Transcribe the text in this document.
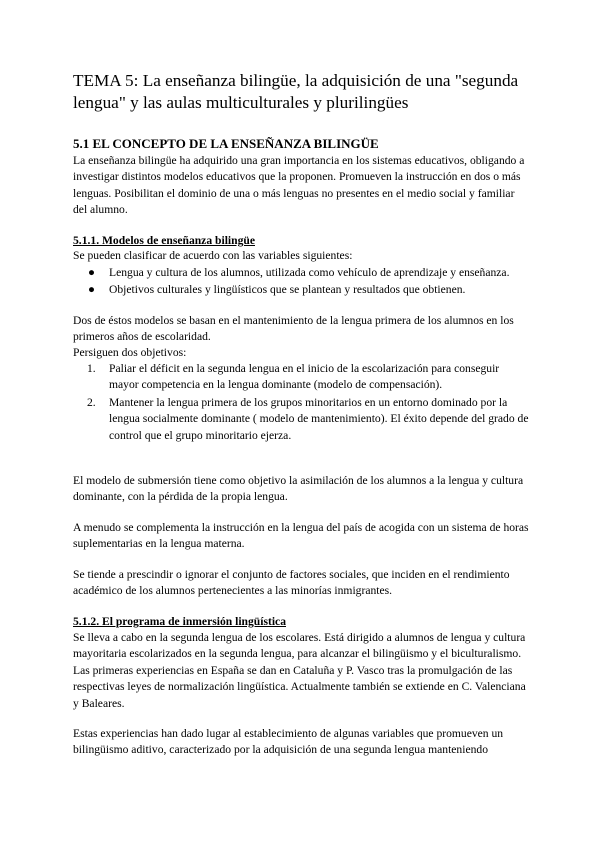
TEMA 5: La enseñanza bilingüe, la adquisición de una "segunda lengua" y las aulas multiculturales y plurilingües
5.1 EL CONCEPTO DE LA ENSEÑANZA BILINGÜE

La enseñanza bilingüe ha adquirido una gran importancia en los sistemas educativos, obligando a investigar distintos modelos educativos que la proponen. Promueven la instrucción en dos o más lenguas. Posibilitan el dominio de una o más lenguas no presentes en el medio social y familiar del alumno.

5.1.1. Modelos de enseñanza bilingüe

Se pueden clasificar de acuerdo con las variables siguientes:

● Lengua y cultura de los alumnos, utilizada como vehículo de aprendizaje y enseñanza.
● Objetivos culturales y lingüísticos que se plantean y resultados que obtienen.

Dos de éstos modelos se basan en el mantenimiento de la lengua primera de los alumnos en los primeros años de escolaridad.

Persiguen dos objetivos:

1. Paliar el déficit en la segunda lengua en el inicio de la escolarización para conseguir mayor competencia en la lengua dominante (modelo de compensación).
2. Mantener la lengua primera de los grupos minoritarios en un entorno dominado por la lengua socialmente dominante ( modelo de mantenimiento). El éxito depende del grado de control que el grupo minoritario ejerza.

El modelo de submersión tiene como objetivo la asimilación de los alumnos a la lengua y cultura dominante, con la pérdida de la propia lengua.

A menudo se complementa la instrucción en la lengua del país de acogida con un sistema de horas suplementarias en la lengua materna.

Se tiende a prescindir o ignorar el conjunto de factores sociales, que inciden en el rendimiento académico de los alumnos pertenecientes a las minorías inmigrantes.

5.1.2. El programa de inmersión lingüística

Se lleva a cabo en la segunda lengua de los escolares. Está dirigido a alumnos de lengua y cultura mayoritaria escolarizados en la segunda lengua, para alcanzar el bilingüismo y el biculturalismo. Las primeras experiencias en España se dan en Cataluña y P. Vasco tras la promulgación de las respectivas leyes de normalización lingüística. Actualmente también se extiende en C. Valenciana y Baleares.

Estas experiencias han dado lugar al establecimiento de algunas variables que promueven un bilingüismo aditivo, caracterizado por la adquisición de una segunda lengua manteniendo
